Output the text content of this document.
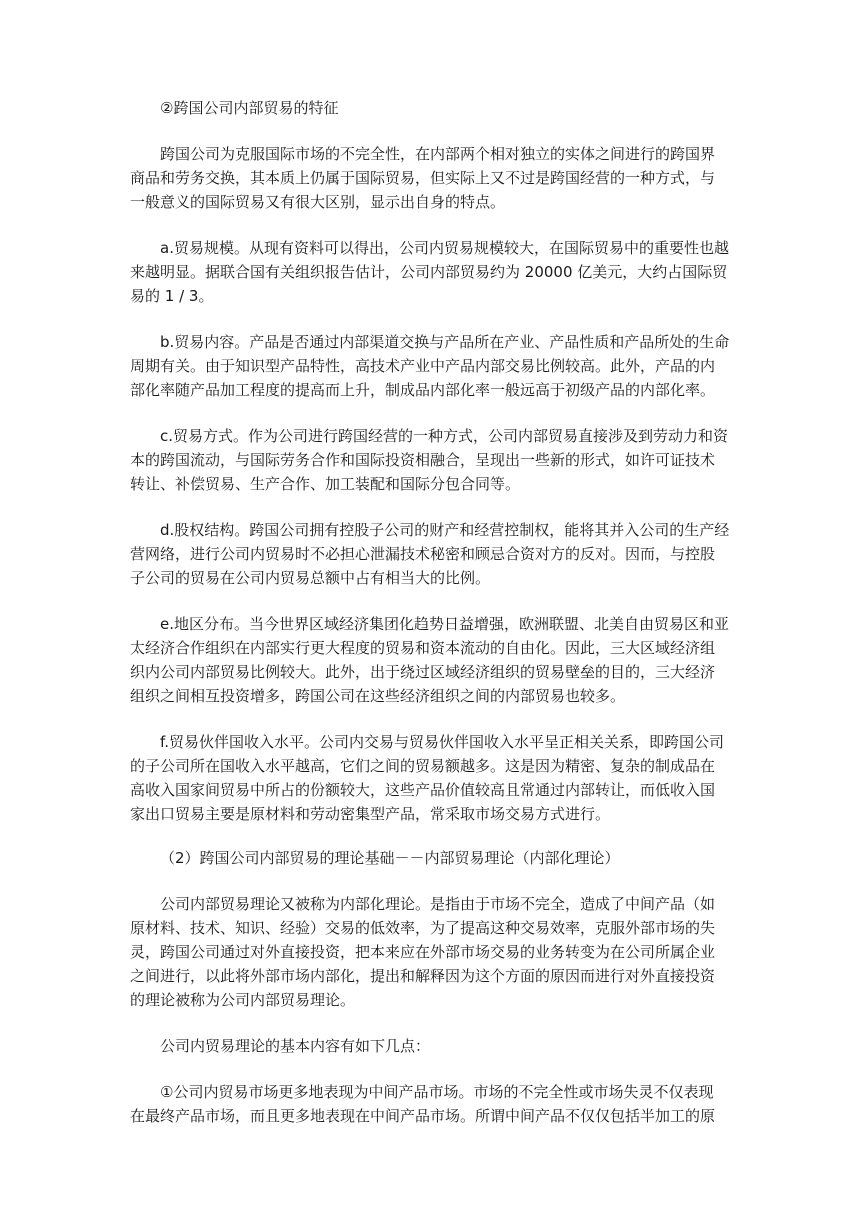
②跨国公司内部贸易的特征
跨国公司为克服国际市场的不完全性，在内部两个相对独立的实体之间进行的跨国界
商品和劳务交换，其本质上仍属于国际贸易，但实际上又不过是跨国经营的一种方式，与
一般意义的国际贸易又有很大区别，显示出自身的特点。
a.贸易规模。从现有资料可以得出，公司内贸易规模较大，在国际贸易中的重要性也越
来越明显。据联合国有关组织报告估计，公司内部贸易约为 20000 亿美元，大约占国际贸
易的 1 / 3。
b.贸易内容。产品是否通过内部渠道交换与产品所在产业、产品性质和产品所处的生命
周期有关。由于知识型产品特性，高技术产业中产品内部交易比例较高。此外，产品的内
部化率随产品加工程度的提高而上升，制成品内部化率一般远高于初级产品的内部化率。
c.贸易方式。作为公司进行跨国经营的一种方式，公司内部贸易直接涉及到劳动力和资
本的跨国流动，与国际劳务合作和国际投资相融合，呈现出一些新的形式，如许可证技术
转让、补偿贸易、生产合作、加工装配和国际分包合同等。
d.股权结构。跨国公司拥有控股子公司的财产和经营控制权，能将其并入公司的生产经
营网络，进行公司内贸易时不必担心泄漏技术秘密和顾忌合资对方的反对。因而，与控股
子公司的贸易在公司内贸易总额中占有相当大的比例。
e.地区分布。当今世界区域经济集团化趋势日益增强，欧洲联盟、北美自由贸易区和亚
太经济合作组织在内部实行更大程度的贸易和资本流动的自由化。因此，三大区域经济组
织内公司内部贸易比例较大。此外，出于绕过区域经济组织的贸易壁垒的目的，三大经济
组织之间相互投资增多，跨国公司在这些经济组织之间的内部贸易也较多。
f.贸易伙伴国收入水平。公司内交易与贸易伙伴国收入水平呈正相关关系，即跨国公司
的子公司所在国收入水平越高，它们之间的贸易额越多。这是因为精密、复杂的制成品在
高收入国家间贸易中所占的份额较大，这些产品价值较高且常通过内部转让，而低收入国
家出口贸易主要是原材料和劳动密集型产品，常采取市场交易方式进行。
（2）跨国公司内部贸易的理论基础－－内部贸易理论（内部化理论）
公司内部贸易理论又被称为内部化理论。是指由于市场不完全，造成了中间产品（如
原材料、技术、知识、经验）交易的低效率，为了提高这种交易效率，克服外部市场的失
灵，跨国公司通过对外直接投资，把本来应在外部市场交易的业务转变为在公司所属企业
之间进行，以此将外部市场内部化，提出和解释因为这个方面的原因而进行对外直接投资
的理论被称为公司内部贸易理论。
公司内贸易理论的基本内容有如下几点：
①公司内贸易市场更多地表现为中间产品市场。市场的不完全性或市场失灵不仅表现
在最终产品市场，而且更多地表现在中间产品市场。所谓中间产品不仅仅包括半加工的原
